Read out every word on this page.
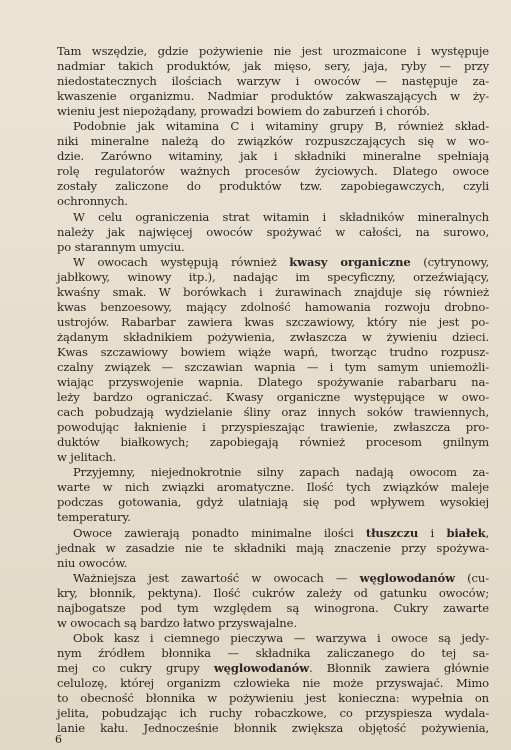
Tam wszędzie, gdzie pożywienie nie jest urozmaicone i występuje
nadmiar takich produktów, jak mięso, sery, jaja, ryby — przy
niedostatecznych ilościach warzyw i owoców — następuje za-
kwaszenie organizmu. Nadmiar produktów zakwaszających w ży-
wieniu jest niepożądany, prowadzi bowiem do zaburzeń i chorób.
Podobnie jak witamina C i witaminy grupy B, również skład-
niki mineralne należą do związków rozpuszczających się w wo-
dzie. Zarówno witaminy, jak i składniki mineralne spełniają
rolę regulatorów ważnych procesów życiowych. Dlatego owoce
zostały zaliczone do produktów tzw. zapobiegawczych, czyli
ochronnych.
W celu ograniczenia strat witamin i składników mineralnych
należy jak najwięcej owoców spożywać w całości, na surowo,
po starannym umyciu.
W owocach występują również kwasy organiczne (cytrynowy,
jabłkowy, winowy itp.), nadając im specyficzny, orzeźwiający,
kwaśny smak. W borówkach i żurawinach znajduje się również
kwas benzoesowy, mający zdolność hamowania rozwoju drobno-
ustrojów. Rabarbar zawiera kwas szczawiowy, który nie jest po-
żądanym składnikiem pożywienia, zwłaszcza w żywieniu dzieci.
Kwas szczawiowy bowiem wiąże wapń, tworząc trudno rozpusz-
czalny związek — szczawian wapnia — i tym samym uniemożli-
wiając przyswojenie wapnia. Dlatego spożywanie rabarbaru na-
leży bardzo ograniczać. Kwasy organiczne występujące w owo-
cach pobudzają wydzielanie śliny oraz innych soków trawiennych,
powodując łaknienie i przyspieszając trawienie, zwłaszcza pro-
duktów białkowych; zapobiegają również procesom gnilnym
w jelitach.
Przyjemny, niejednokrotnie silny zapach nadają owocom za-
warte w nich związki aromatyczne. Ilość tych związków maleje
podczas gotowania, gdyż ulatniają się pod wpływem wysokiej
temperatury.
Owoce zawierają ponadto minimalne ilości tłuszczu i białek,
jednak w zasadzie nie te składniki mają znaczenie przy spożywa-
niu owoców.
Ważniejsza jest zawartość w owocach — węglowodanów (cu-
kry, błonnik, pektyna). Ilość cukrów zależy od gatunku owoców;
najbogatsze pod tym względem są winogrona. Cukry zawarte
w owocach są bardzo łatwo przyswajalne.
Obok kasz i ciemnego pieczywa — warzywa i owoce są jedy-
nym źródłem błonnika — składnika zaliczanego do tej sa-
mej co cukry grupy węglowodanów. Błonnik zawiera głównie
celulozę, której organizm człowieka nie może przyswajać. Mimo
to obecność błonnika w pożywieniu jest konieczna: wypełnia on
jelita, pobudzając ich ruchy robaczkowe, co przyspiesza wydala-
lanie kału. Jednocześnie błonnik zwiększa objętość pożywienia,
6
